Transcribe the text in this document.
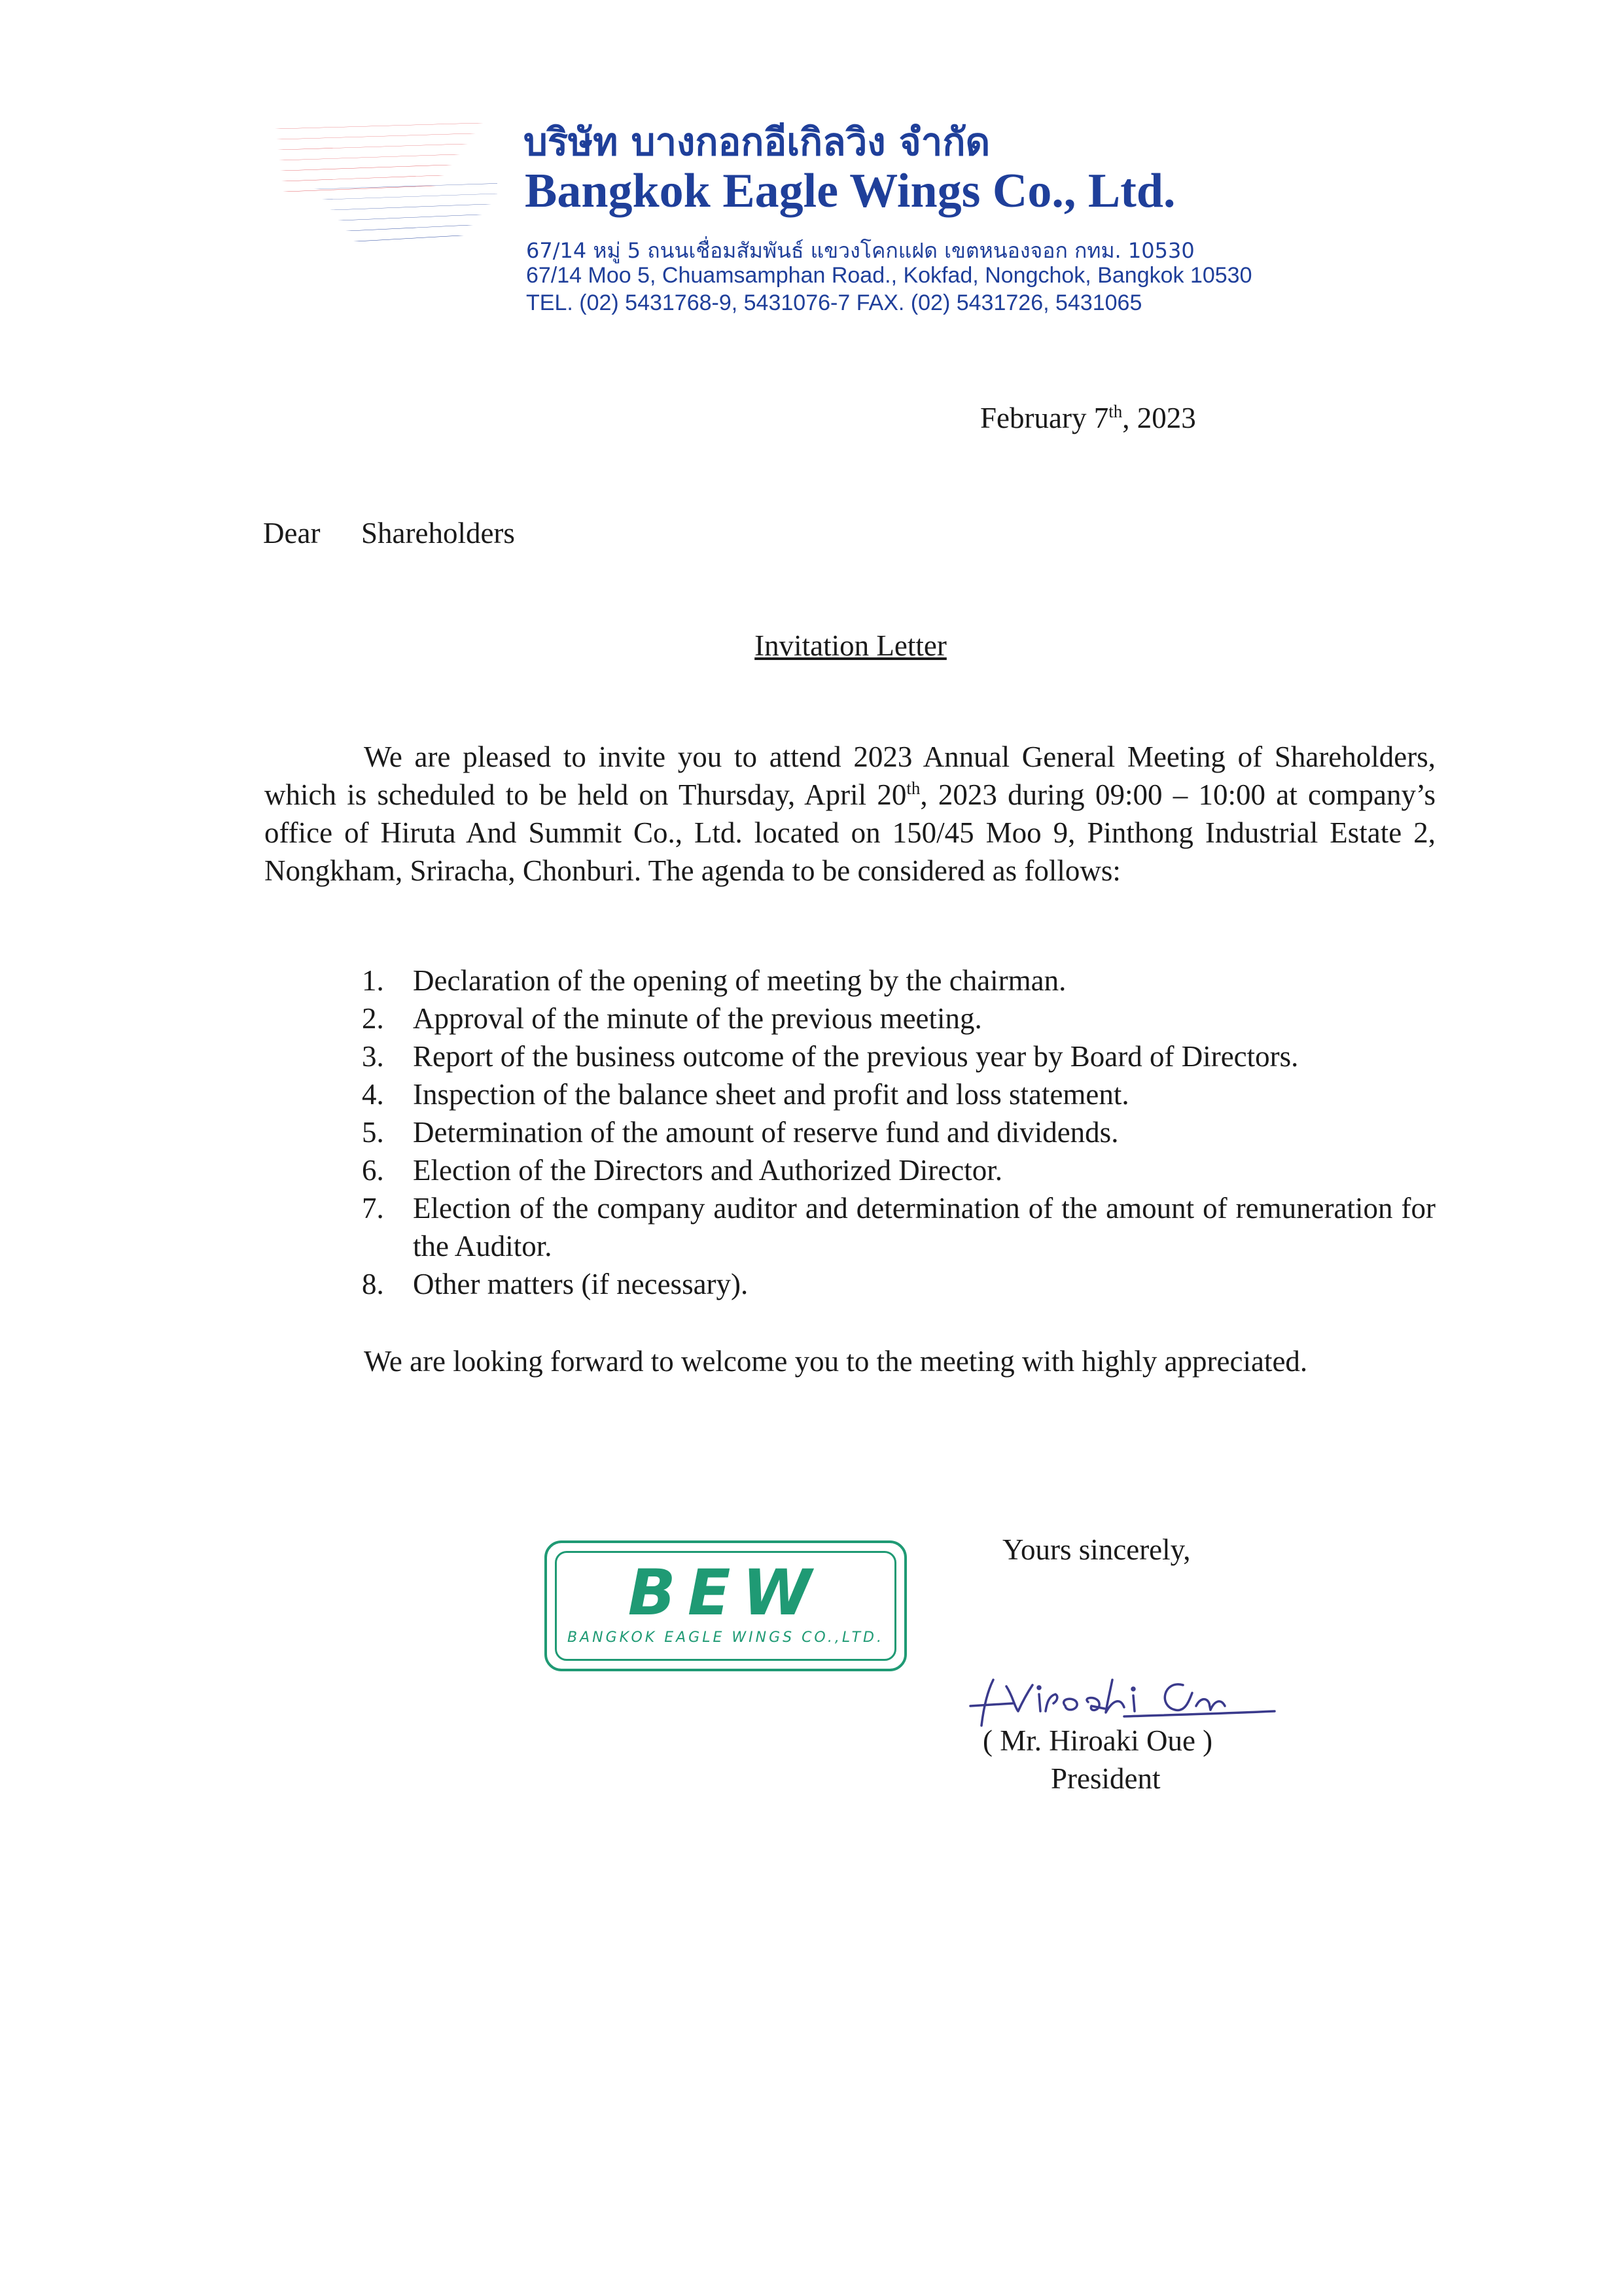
บริษัท บางกอกอีเกิลวิง จำกัด
Bangkok Eagle Wings Co., Ltd.
67/14 หมู่ 5 ถนนเชื่อมสัมพันธ์ แขวงโคกแฝด เขตหนองจอก กทม. 10530
67/14 Moo 5, Chuamsamphan Road., Kokfad, Nongchok, Bangkok 10530
TEL. (02) 5431768-9, 5431076-7 FAX. (02) 5431726, 5431065
February 7th, 2023
Dear Shareholders
Invitation Letter
We are pleased to invite you to attend 2023 Annual General Meeting of Shareholders, which is scheduled to be held on Thursday, April 20th, 2023 during 09:00 – 10:00 at company’s office of Hiruta And Summit Co., Ltd. located on 150/45 Moo 9, Pinthong Industrial Estate 2, Nongkham, Sriracha, Chonburi. The agenda to be considered as follows:
1. Declaration of the opening of meeting by the chairman.
2. Approval of the minute of the previous meeting.
3. Report of the business outcome of the previous year by Board of Directors.
4. Inspection of the balance sheet and profit and loss statement.
5. Determination of the amount of reserve fund and dividends.
6. Election of the Directors and Authorized Director.
7. Election of the company auditor and determination of the amount of remuneration for the Auditor.
8. Other matters (if necessary).
We are looking forward to welcome you to the meeting with highly appreciated.
BEW
BANGKOK EAGLE WINGS CO.,LTD.
Yours sincerely,
( Mr. Hiroaki Oue )
President
